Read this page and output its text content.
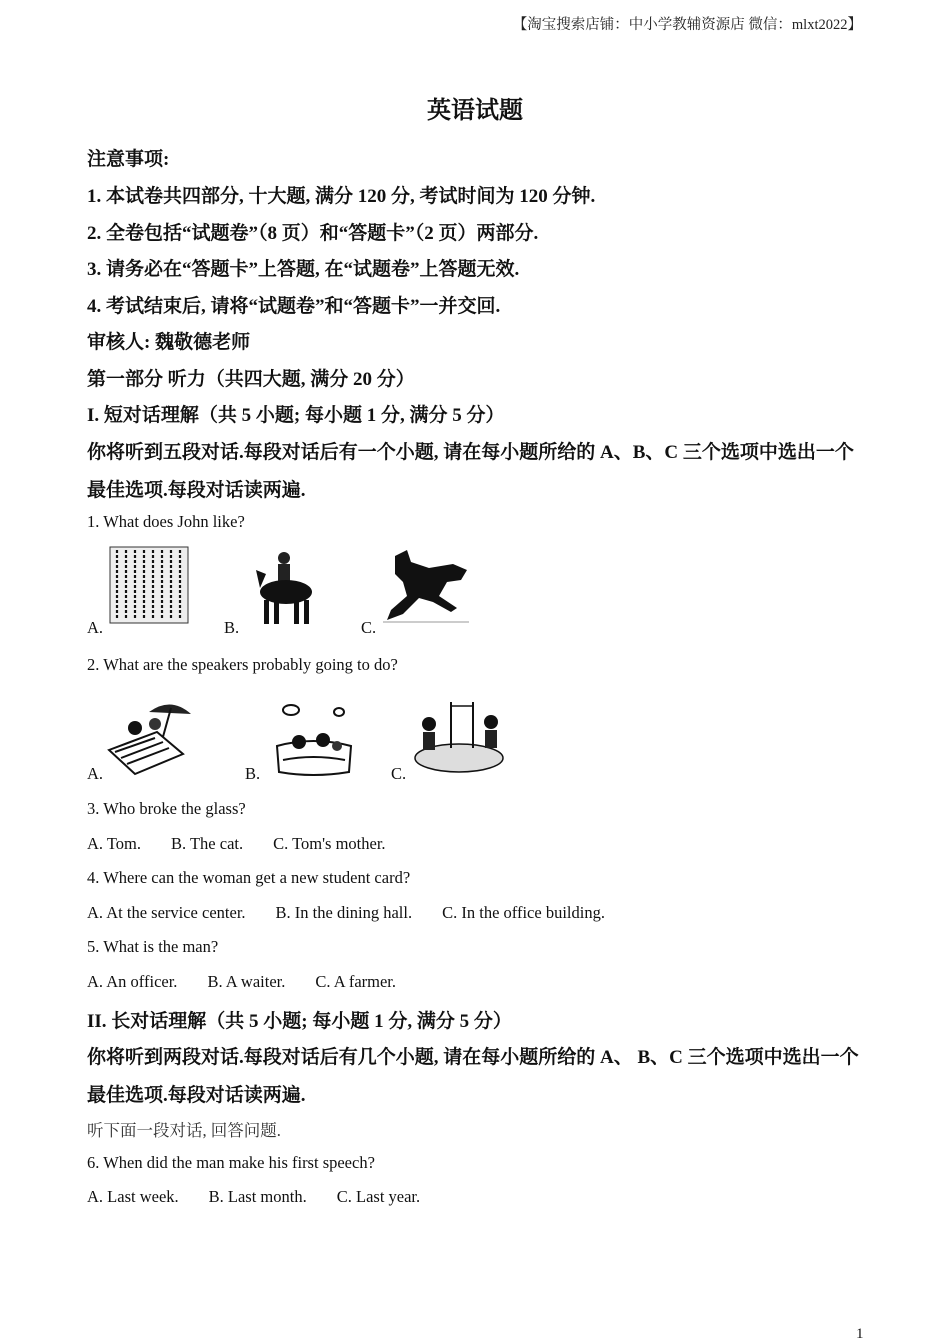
【淘宝搜索店铺：中小学教辅资源店 微信：mlxt2022】
英语试题
注意事项:
1. 本试卷共四部分, 十大题, 满分 120 分, 考试时间为 120 分钟.
2. 全卷包括“试题卷”（8 页）和“答题卡”（2 页）两部分.
3. 请务必在“答题卡”上答题, 在“试题卷”上答题无效.
4. 考试结束后, 请将“试题卷”和“答题卡”一并交回.
审核人: 魏敬德老师
第一部分 听力（共四大题, 满分 20 分）
I. 短对话理解（共 5 小题; 每小题 1 分, 满分 5 分）
你将听到五段对话.每段对话后有一个小题, 请在每小题所给的 A、B、C 三个选项中选出一个
最佳选项.每段对话读两遍.
1. What does John like?
A.	B.	C.
2. What are the speakers probably going to do?
A.	B.	C.
3. Who broke the glass?
A. Tom. B. The cat. C. Tom's mother.
4. Where can the woman get a new student card?
A. At the service center. B. In the dining hall. C. In the office building.
5. What is the man?
A. An officer. B. A waiter. C. A farmer.
II. 长对话理解（共 5 小题; 每小题 1 分, 满分 5 分）
你将听到两段对话.每段对话后有几个小题, 请在每小题所给的 A、 B、C 三个选项中选出一个
最佳选项.每段对话读两遍.
听下面一段对话, 回答问题.
6. When did the man make his first speech?
A. Last week. B. Last month. C. Last year.
1
